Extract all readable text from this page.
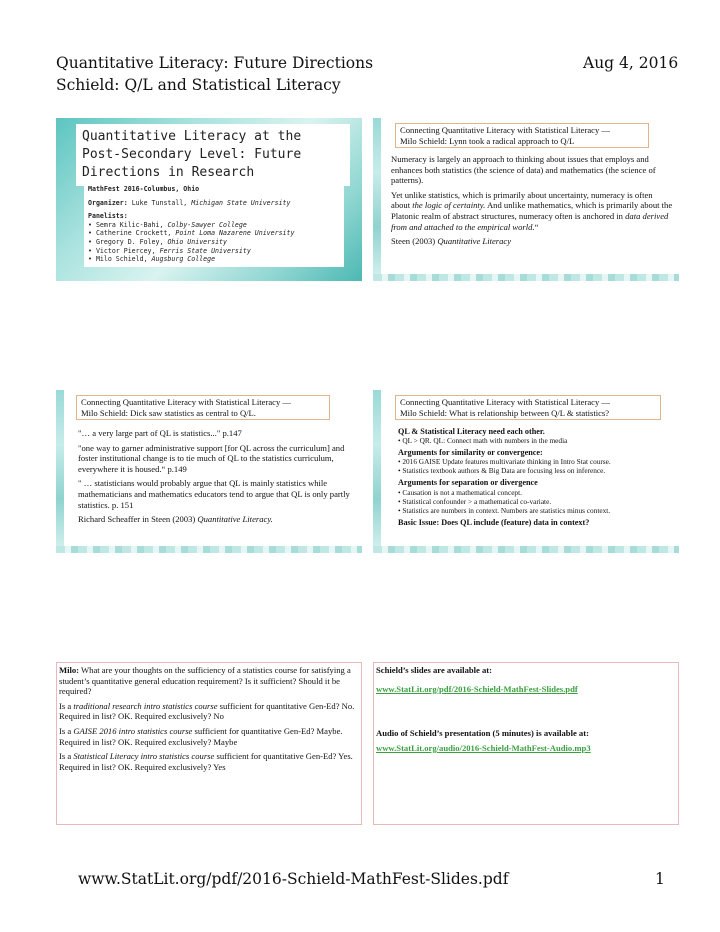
Quantitative Literacy: Future Directions
Schield: Q/L and Statistical Literacy
Aug 4, 2016
Quantitative Literacy at the
Post-Secondary Level: Future
Directions in Research
MathFest 2016-Columbus, Ohio
Organizer: Luke Tunstall, Michigan State University
Panelists:
• Semra Kilic-Bahi, Colby-Sawyer College
• Catherine Crockett, Point Loma Nazarene University
• Gregory D. Foley, Ohio University
• Victor Piercey, Ferris State University
• Milo Schield, Augsburg College
Connecting Quantitative Literacy with Statistical Literacy —
Milo Schield: Lynn took a radical approach to Q/L

Numeracy is largely an approach to thinking about issues that employs and enhances both statistics (the science of data) and mathematics (the science of patterns).

Yet unlike statistics, which is primarily about uncertainty, numeracy is often about the logic of certainty. And unlike mathematics, which is primarily about the Platonic realm of abstract structures, numeracy often is anchored in data derived from and attached to the empirical world.“

Steen (2003) Quantitative Literacy

Connecting Quantitative Literacy with Statistical Literacy —
Milo Schield: Dick saw statistics as central to Q/L.

"… a very large part of QL is statistics..." p.147

"one way to garner administrative support [for QL across the curriculum] and foster institutional change is to tie much of QL to the statistics curriculum, everywhere it is housed.“ p.149

" … statisticians would probably argue that QL is mainly statistics while mathematicians and mathematics educators tend to argue that QL is only partly statistics. p. 151

Richard Scheaffer in Steen (2003) Quantitative Literacy.

Connecting Quantitative Literacy with Statistical Literacy —
Milo Schield: What is relationship between Q/L & statistics?
QL & Statistical Literacy need each other.
• QL > QR. QL: Connect math with numbers in the media
Arguments for similarity or convergence:
• 2016 GAISE Update features multivariate thinking in Intro Stat course.
• Statistics textbook authors & Big Data are focusing less on inference.
Arguments for separation or divergence
• Causation is not a mathematical concept.
• Statistical confounder > a mathematical co-variate.
• Statistics are numbers in context. Numbers are statistics minus context.
Basic Issue: Does QL include (feature) data in context?

Milo: What are your thoughts on the sufficiency of a statistics course for satisfying a student’s quantitative general education requirement? Is it sufficient? Should it be required?

Is a traditional research intro statistics course sufficient for quantitative Gen-Ed? No. Required in list? OK. Required exclusively? No

Is a GAISE 2016 intro statistics course sufficient for quantitative Gen-Ed? Maybe. Required in list? OK. Required exclusively? Maybe

Is a Statistical Literacy intro statistics course sufficient for quantitative Gen-Ed? Yes. Required in list? OK. Required exclusively? Yes

Schield’s slides are available at:
www.StatLit.org/pdf/2016-Schield-MathFest-Slides.pdf
Audio of Schield’s presentation (5 minutes) is available at:
www.StatLit.org/audio/2016-Schield-MathFest-Audio.mp3
www.StatLit.org/pdf/2016-Schield-MathFest-Slides.pdf	1
